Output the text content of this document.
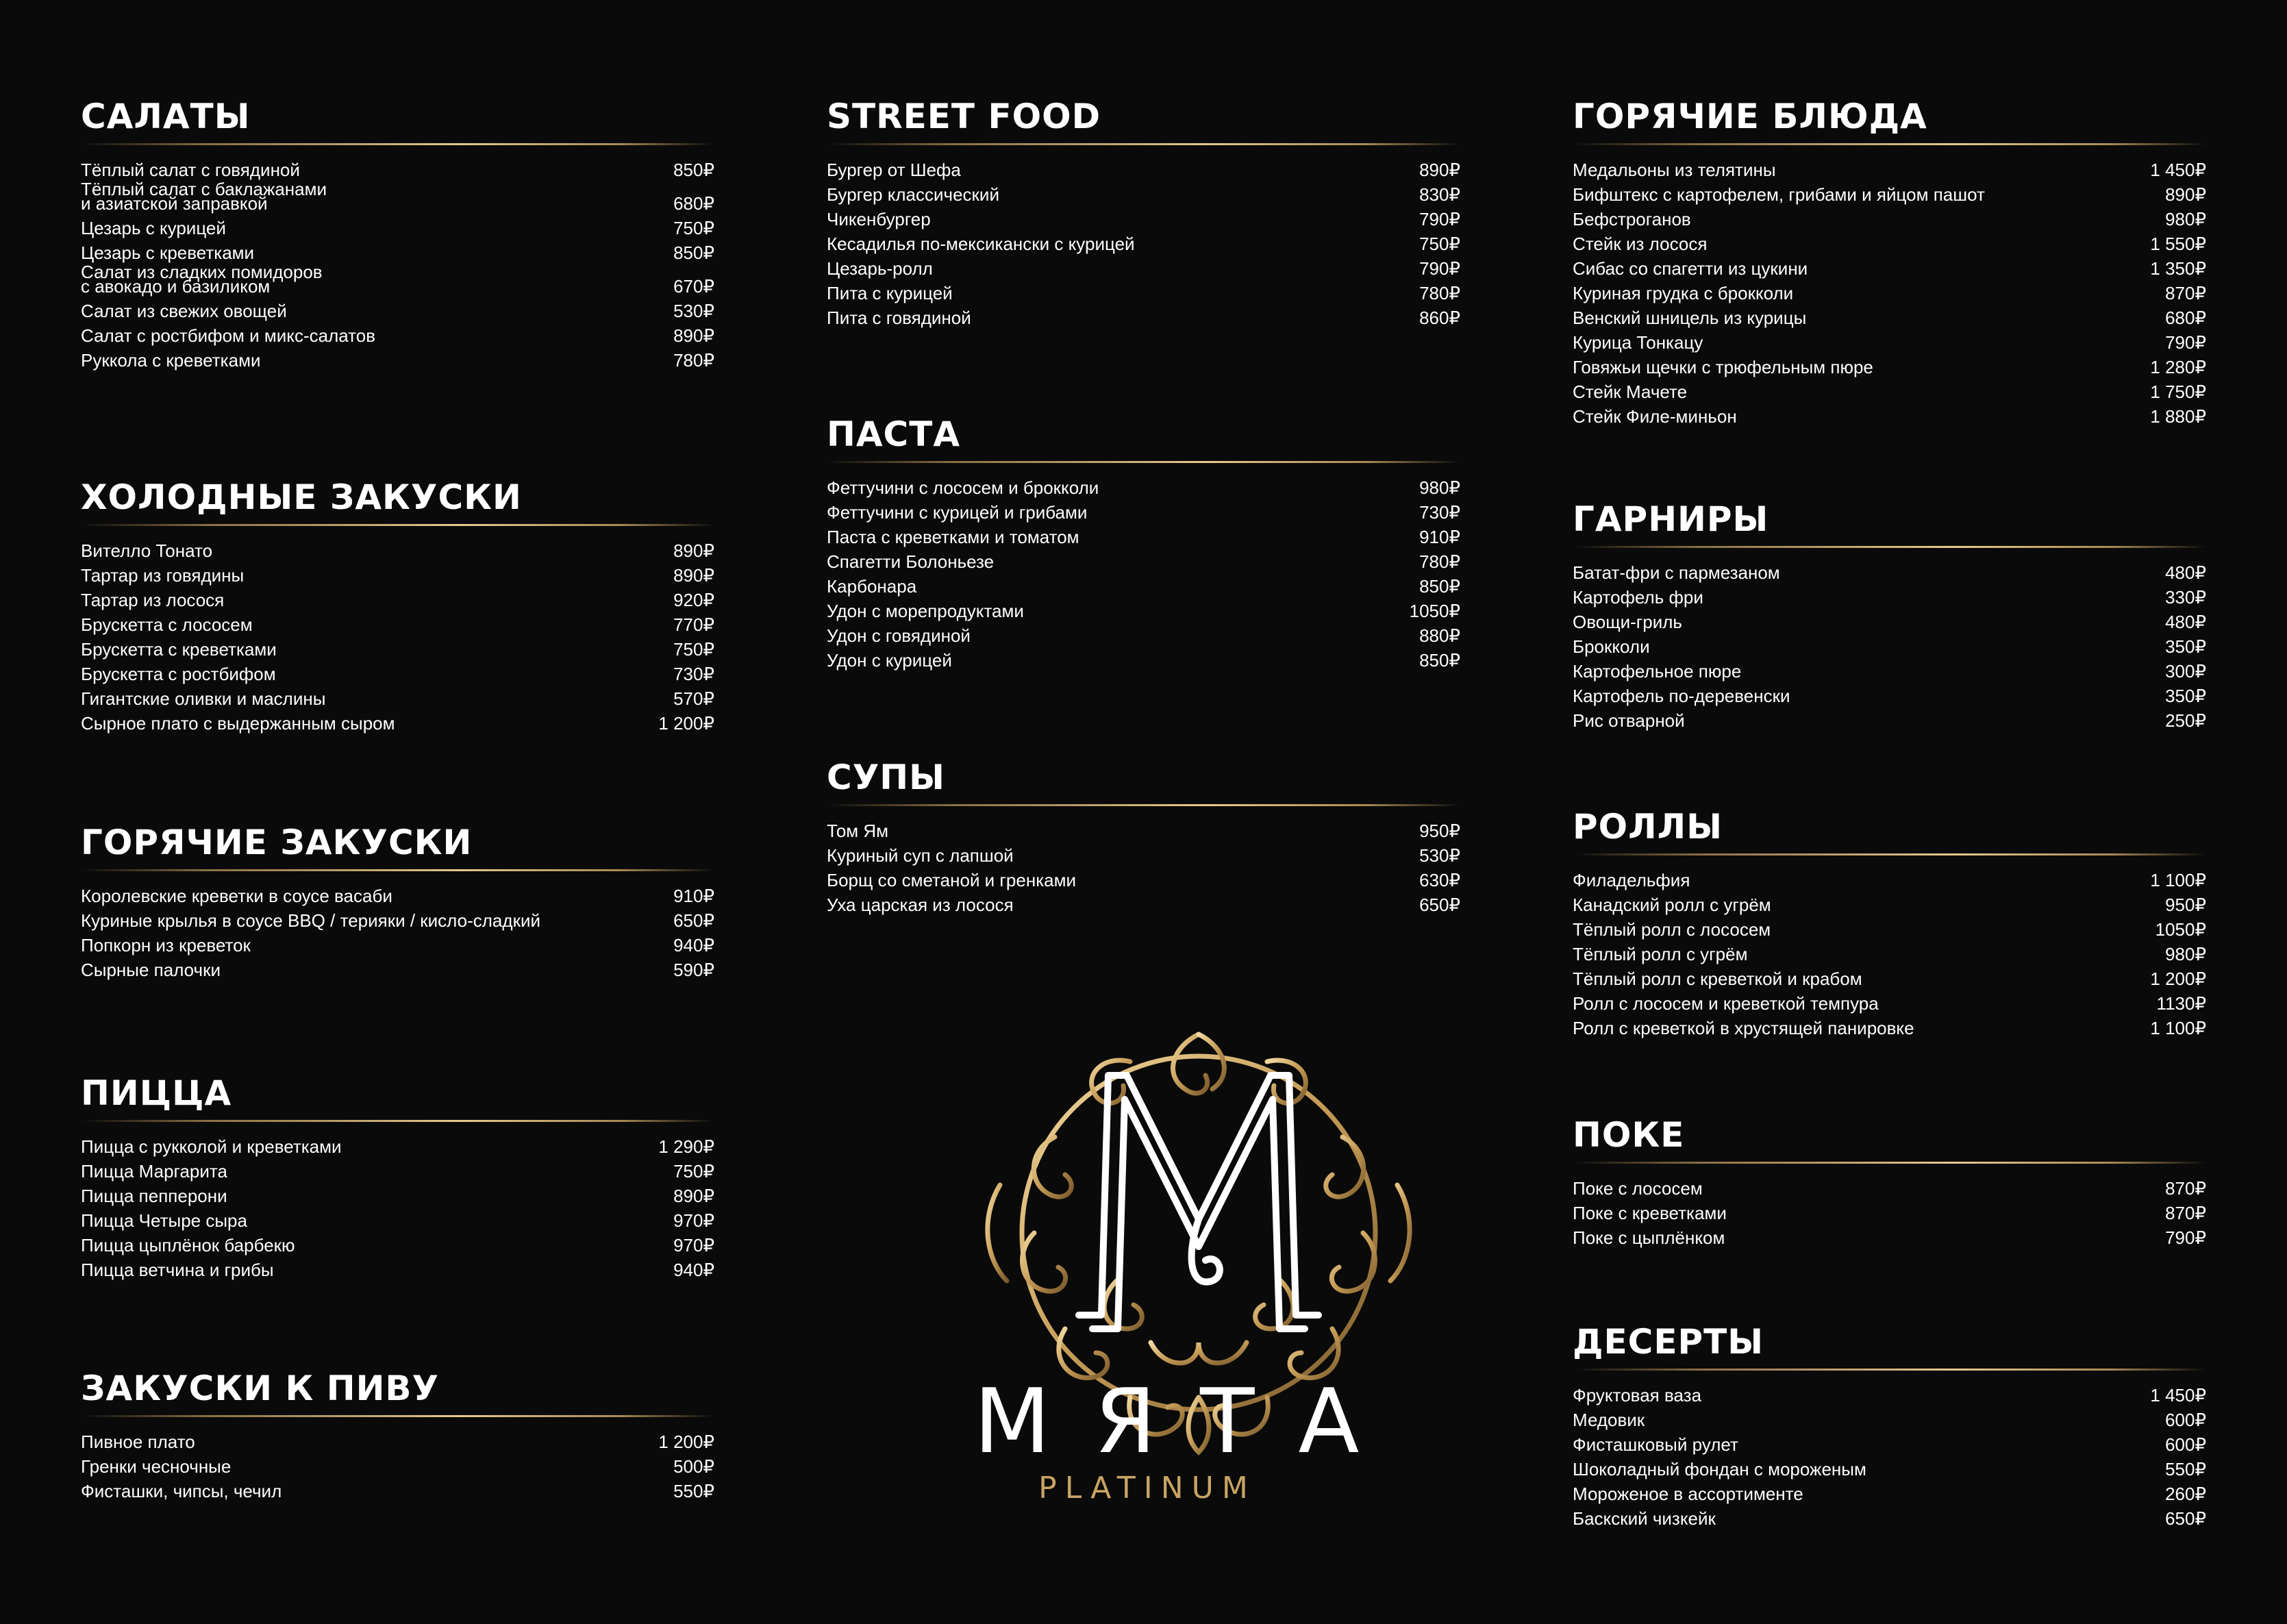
САЛАТЫ
Тёплый салат с говядиной	850₽
Тёплый салат с баклажанами
и азиатской заправкой	680₽
Цезарь с курицей	750₽
Цезарь с креветками	850₽
Салат из сладких помидоров
с авокадо и базиликом	670₽
Салат из свежих овощей	530₽
Салат с ростбифом и микс-салатов	890₽
Руккола с креветками	780₽
ХОЛОДНЫЕ ЗАКУСКИ
Вителло Тонато	890₽
Тартар из говядины	890₽
Тартар из лосося	920₽
Брускетта с лососем	770₽
Брускетта с креветками	750₽
Брускетта с ростбифом	730₽
Гигантские оливки и маслины	570₽
Сырное плато с выдержанным сыром	1 200₽
ГОРЯЧИЕ ЗАКУСКИ
Королевские креветки в соусе васаби	910₽
Куриные крылья в соусе BBQ / терияки / кисло-сладкий	650₽
Попкорн из креветок	940₽
Сырные палочки	590₽
ПИЦЦА
Пицца с рукколой и креветками	1 290₽
Пицца Маргарита	750₽
Пицца пепперони	890₽
Пицца Четыре сыра	970₽
Пицца цыплёнок барбекю	970₽
Пицца ветчина и грибы	940₽
ЗАКУСКИ К ПИВУ
Пивное плато	1 200₽
Гренки чесночные	500₽
Фисташки, чипсы, чечил	550₽
STREET FOOD
Бургер от Шефа	890₽
Бургер классический	830₽
Чикенбургер	790₽
Кесадилья по-мексикански с курицей	750₽
Цезарь-ролл	790₽
Пита с курицей	780₽
Пита с говядиной	860₽
ПАСТА
Феттучини с лососем и брокколи	980₽
Феттучини с курицей и грибами	730₽
Паста с креветками и томатом	910₽
Спагетти Болоньезе	780₽
Карбонара	850₽
Удон с морепродуктами	1050₽
Удон с говядиной	880₽
Удон с курицей	850₽
СУПЫ
Том Ям	950₽
Куриный суп с лапшой	530₽
Борщ со сметаной и гренками	630₽
Уха царская из лосося	650₽
ГОРЯЧИЕ БЛЮДА
Медальоны из телятины	1 450₽
Бифштекс с картофелем, грибами и яйцом пашот	890₽
Бефстроганов	980₽
Стейк из лосося	1 550₽
Сибас со спагетти из цукини	1 350₽
Куриная грудка с брокколи	870₽
Венский шницель из курицы	680₽
Курица Тонкацу	790₽
Говяжьи щечки с трюфельным пюре	1 280₽
Стейк Мачете	1 750₽
Стейк Филе-миньон	1 880₽
ГАРНИРЫ
Батат-фри с пармезаном	480₽
Картофель фри	330₽
Овощи-гриль	480₽
Брокколи	350₽
Картофельное пюре	300₽
Картофель по-деревенски	350₽
Рис отварной	250₽
РОЛЛЫ
Филадельфия	1 100₽
Канадский ролл с угрём	950₽
Тёплый ролл с лососем	1050₽
Тёплый ролл с угрём	980₽
Тёплый ролл с креветкой и крабом	1 200₽
Ролл с лососем и креветкой темпура	1130₽
Ролл с креветкой в хрустящей панировке	1 100₽
ПОКЕ
Поке с лососем	870₽
Поке с креветками	870₽
Поке с цыплёнком	790₽
ДЕСЕРТЫ
Фруктовая ваза	1 450₽
Медовик	600₽
Фисташковый рулет	600₽
Шоколадный фондан с мороженым	550₽
Мороженое в ассортименте	260₽
Баскский чизкейк	650₽
МЯТА
PLATINUM
